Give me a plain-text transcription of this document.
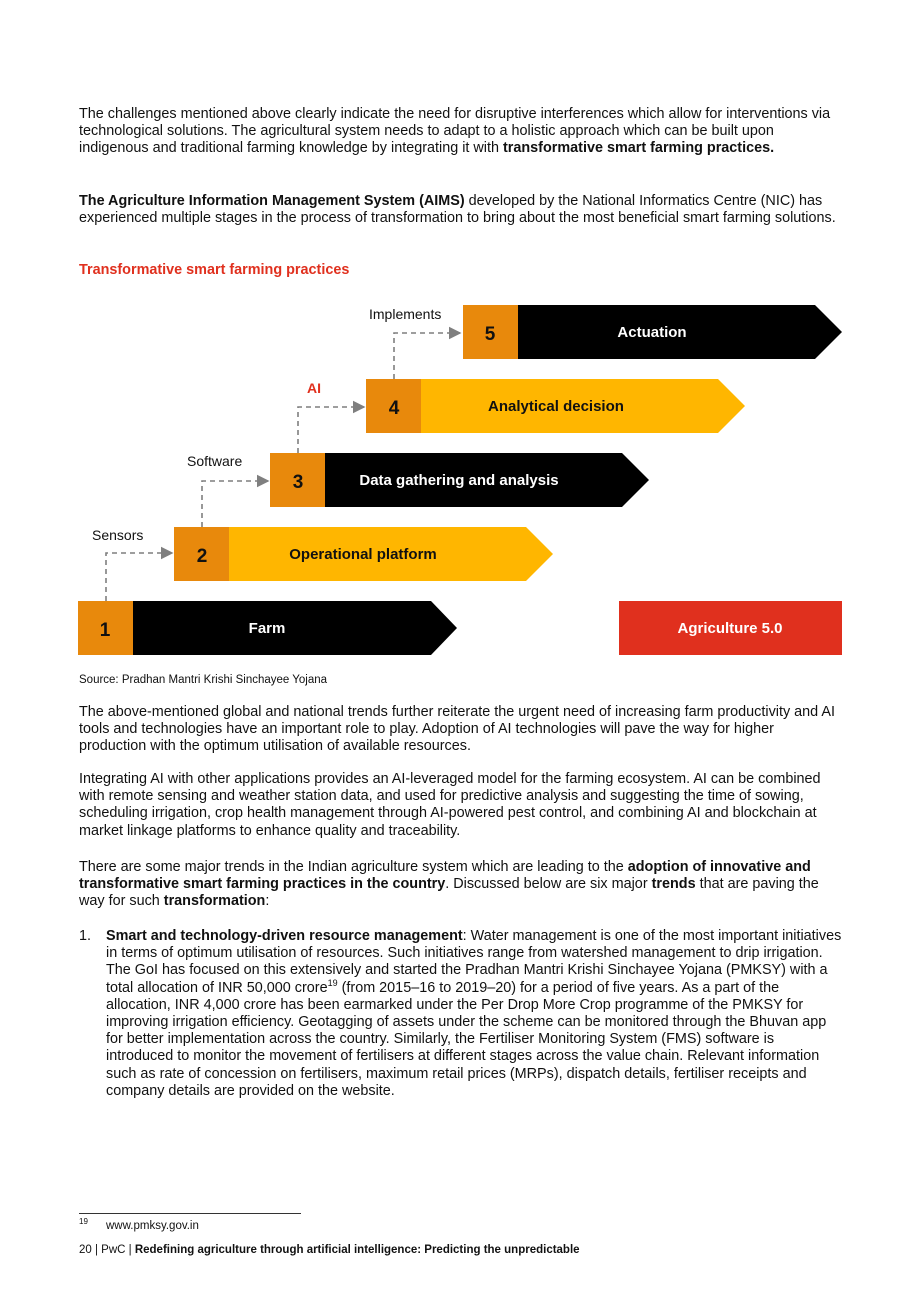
The challenges mentioned above clearly indicate the need for disruptive interferences which allow for interventions via technological solutions. The agricultural system needs to adapt to a holistic approach which can be built upon indigenous and traditional farming knowledge by integrating it with transformative smart farming practices.

The Agriculture Information Management System (AIMS) developed by the National Informatics Centre (NIC) has experienced multiple stages in the process of transformation to bring about the most beneficial smart farming solutions.

Transformative smart farming practices
1	Farm
2	Operational platform
Sensors
3	Data gathering and analysis
Software
4	Analytical decision
AI
5	Actuation
Implements
Agriculture 5.0
Source: Pradhan Mantri Krishi Sinchayee Yojana

The above-mentioned global and national trends further reiterate the urgent need of increasing farm productivity and AI tools and technologies have an important role to play. Adoption of AI technologies will pave the way for higher production with the optimum utilisation of available resources.

Integrating AI with other applications provides an AI-leveraged model for the farming ecosystem. AI can be combined with remote sensing and weather station data, and used for predictive analysis and suggesting the time of sowing, scheduling irrigation, crop health management through AI-powered pest control, and combining AI and blockchain at market linkage platforms to enhance quality and traceability.

There are some major trends in the Indian agriculture system which are leading to the adoption of innovative and transformative smart farming practices in the country. Discussed below are six major trends that are paving the way for such transformation:

1. Smart and technology-driven resource management: Water management is one of the most important initiatives in terms of optimum utilisation of resources. Such initiatives range from watershed management to drip irrigation. The GoI has focused on this extensively and started the Pradhan Mantri Krishi Sinchayee Yojana (PMKSY) with a total allocation of INR 50,000 crore$^{19}$ (from 2015–16 to 2019–20) for a period of five years. As a part of the allocation, INR 4,000 crore has been earmarked under the Per Drop More Crop programme of the PMKSY for improving irrigation efficiency. Geotagging of assets under the scheme can be monitored through the Bhuvan app for better implementation across the country. Similarly, the Fertiliser Monitoring System (FMS) software is introduced to monitor the movement of fertilisers at different stages across the value chain. Relevant information such as rate of concession on fertilisers, maximum retail prices (MRPs), dispatch details, fertiliser receipts and company details are provided on the website.
19 www.pmksy.gov.in
20 | PwC | Redefining agriculture through artificial intelligence: Predicting the unpredictable
